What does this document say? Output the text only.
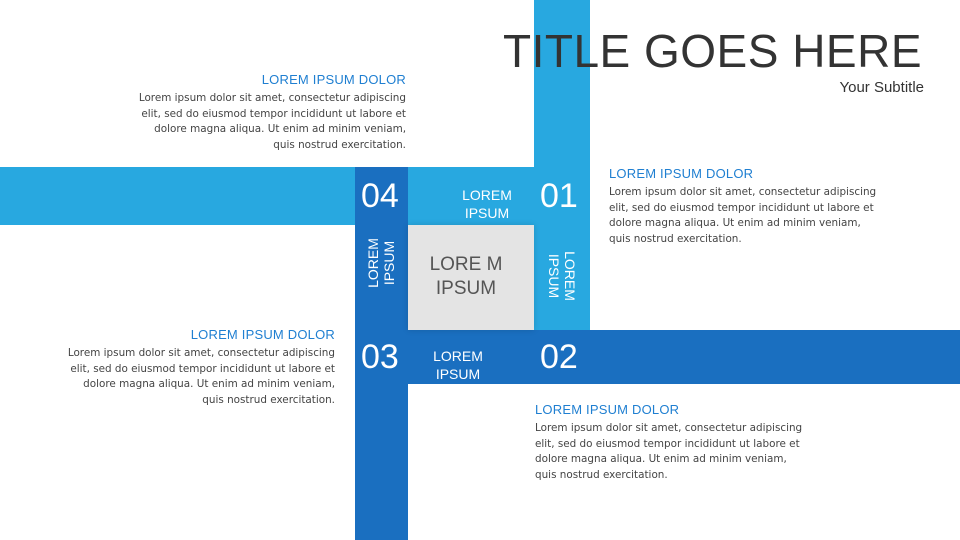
TITLE GOES HERE
Your Subtitle
01
02
03
04	LOREM IPSUM
LORE M IPSUM
LOREM IPSUM
LOREM IPSUM	LOREM IPSUM
LOREM IPSUM DOLOR
Lorem ipsum dolor sit amet, consectetur adipiscing elit, sed do eiusmod tempor incididunt ut labore et dolore magna aliqua. Ut enim ad minim veniam, quis nostrud exercitation.
LOREM IPSUM DOLOR
Lorem ipsum dolor sit amet, consectetur adipiscing elit, sed do eiusmod tempor incididunt ut labore et dolore magna aliqua. Ut enim ad minim veniam, quis nostrud exercitation.
LOREM IPSUM DOLOR
Lorem ipsum dolor sit amet, consectetur adipiscing elit, sed do eiusmod tempor incididunt ut labore et dolore magna aliqua. Ut enim ad minim veniam, quis nostrud exercitation.
LOREM IPSUM DOLOR
Lorem ipsum dolor sit amet, consectetur adipiscing elit, sed do eiusmod tempor incididunt ut labore et dolore magna aliqua. Ut enim ad minim veniam, quis nostrud exercitation.
